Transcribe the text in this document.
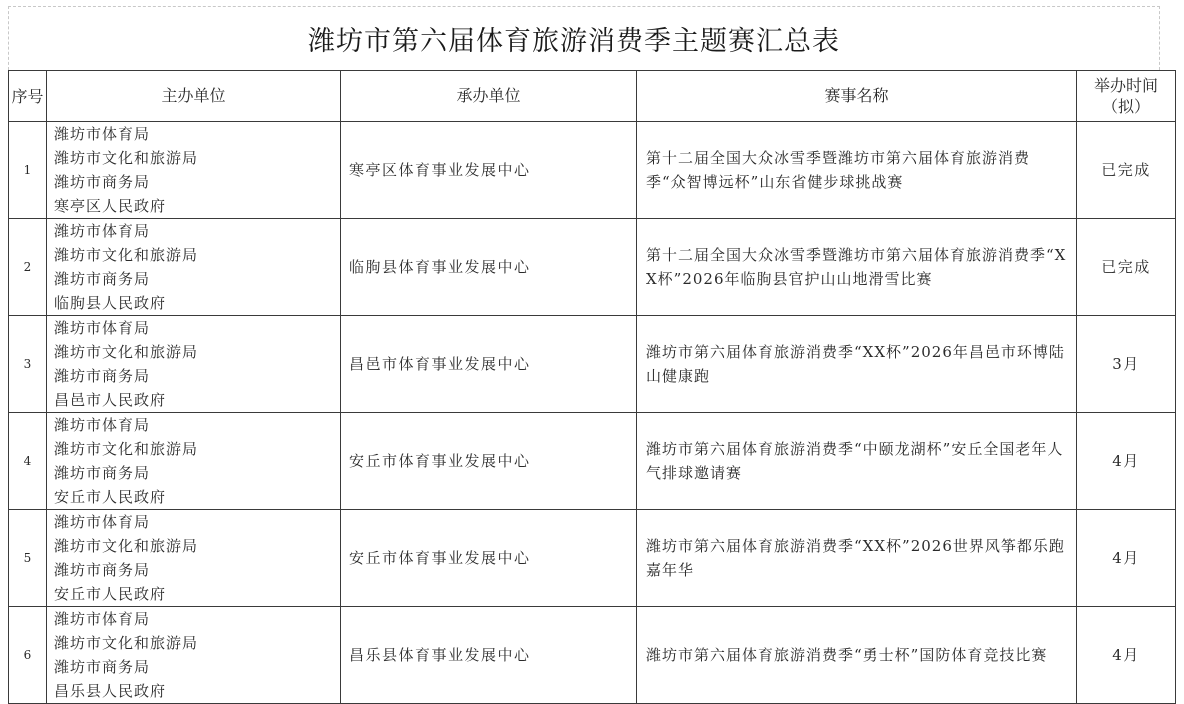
潍坊市第六届体育旅游消费季主题赛汇总表
序号	主办单位	承办单位	赛事名称	举办时间（拟）
1	潍坊市体育局
潍坊市文化和旅游局
潍坊市商务局
寒亭区人民政府	寒亭区体育事业发展中心	第十二届全国大众冰雪季暨潍坊市第六届体育旅游消费季“众智博远杯”山东省健步球挑战赛	已完成
2	潍坊市体育局
潍坊市文化和旅游局
潍坊市商务局
临朐县人民政府	临朐县体育事业发展中心	第十二届全国大众冰雪季暨潍坊市第六届体育旅游消费季“XX杯”2026年临朐县官护山山地滑雪比赛	已完成
3	潍坊市体育局
潍坊市文化和旅游局
潍坊市商务局
昌邑市人民政府	昌邑市体育事业发展中心	潍坊市第六届体育旅游消费季“XX杯”2026年昌邑市环博陆山健康跑	3月
4	潍坊市体育局
潍坊市文化和旅游局
潍坊市商务局
安丘市人民政府	安丘市体育事业发展中心	潍坊市第六届体育旅游消费季“中颐龙湖杯”安丘全国老年人气排球邀请赛	4月
5	潍坊市体育局
潍坊市文化和旅游局
潍坊市商务局
安丘市人民政府	安丘市体育事业发展中心	潍坊市第六届体育旅游消费季“XX杯”2026世界风筝都乐跑嘉年华	4月
6	潍坊市体育局
潍坊市文化和旅游局
潍坊市商务局
昌乐县人民政府	昌乐县体育事业发展中心	潍坊市第六届体育旅游消费季“勇士杯”国防体育竞技比赛	4月
